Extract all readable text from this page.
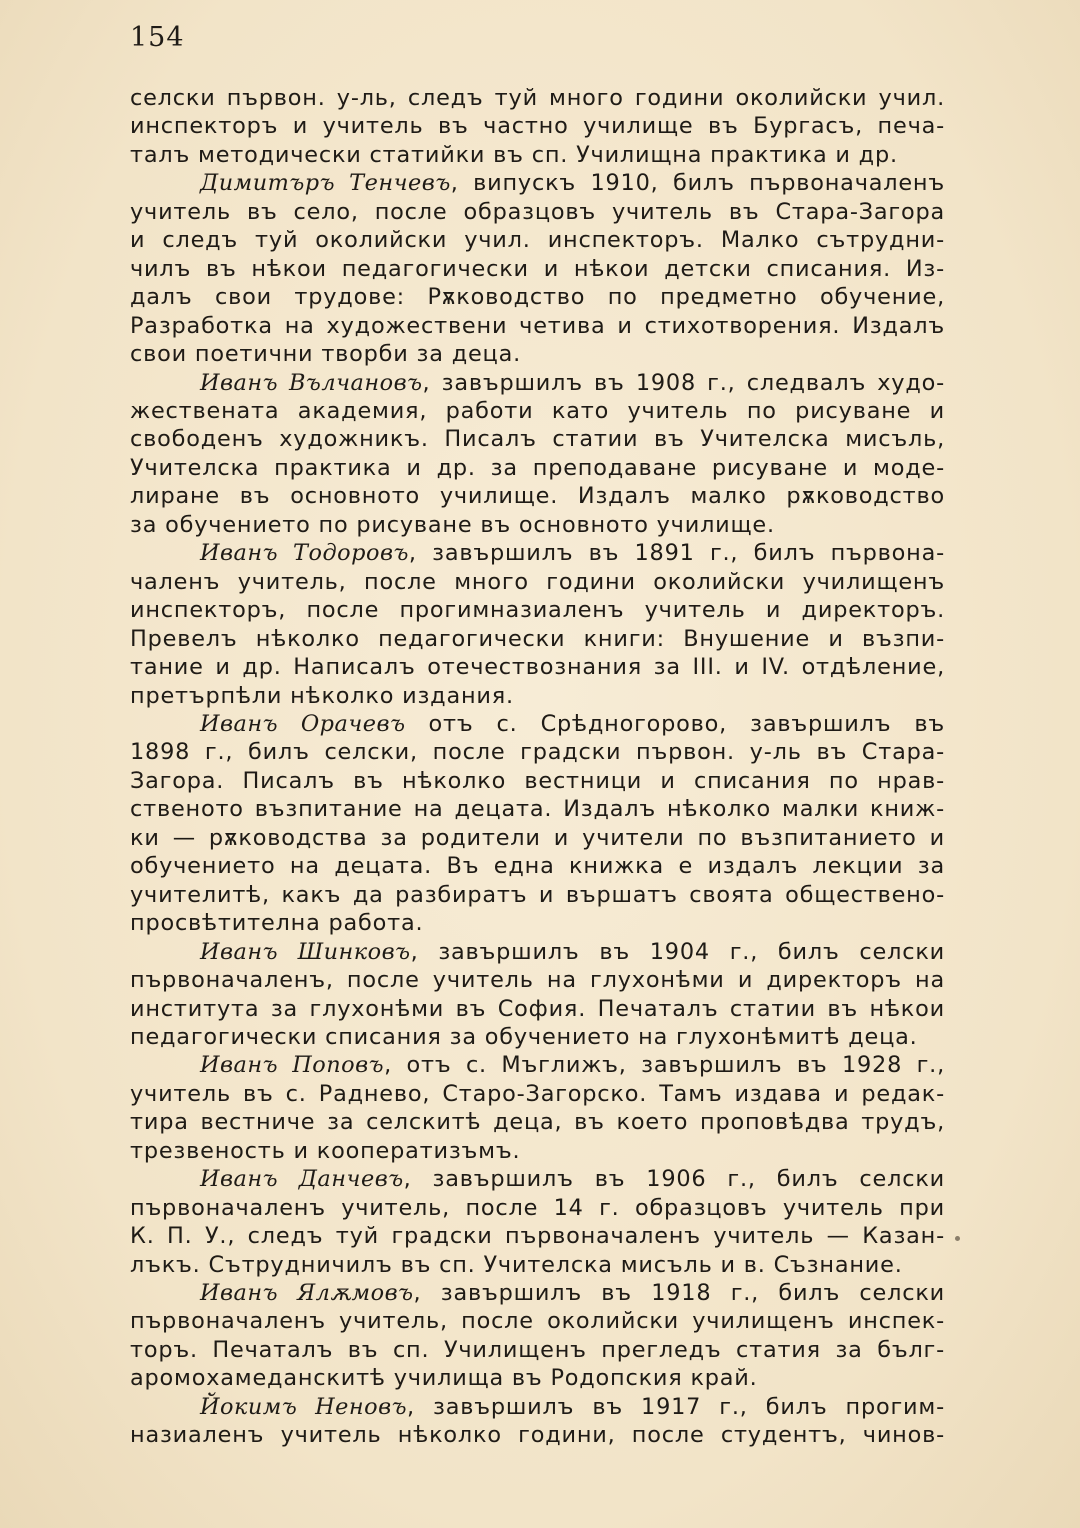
154
селски първон. у-ль, следъ туй много години околийски учил.
инспекторъ и учитель въ частно училище въ Бургасъ, печа-
талъ методически статийки въ сп. Училищна практика и др.
Димитъръ Тенчевъ, випускъ 1910, билъ първоначаленъ
учитель въ село, после образцовъ учитель въ Стара-Загора
и следъ туй околийски учил. инспекторъ. Малко сътрудни-
чилъ въ нѣкои педагогически и нѣкои детски списания. Из-
далъ свои трудове: Рѫководство по предметно обучение,
Разработка на художествени четива и стихотворения. Издалъ
свои поетични творби за деца.
Иванъ Вълчановъ, завършилъ въ 1908 г., следвалъ худо-
жествената академия, работи като учитель по рисуване и
свободенъ художникъ. Писалъ статии въ Учителска мисъль,
Учителска практика и др. за преподаване рисуване и моде-
лиране въ основното училище. Издалъ малко рѫководство
за обучението по рисуване въ основното училище.
Иванъ Тодоровъ, завършилъ въ 1891 г., билъ първона-
чаленъ учитель, после много години околийски училищенъ
инспекторъ, после прогимназиаленъ учитель и директоръ.
Превелъ нѣколко педагогически книги: Внушение и възпи-
тание и др. Написалъ отечествознания за III. и IV. отдѣление,
претърпѣли нѣколко издания.
Иванъ Орачевъ отъ с. Срѣдногорово, завършилъ въ
1898 г., билъ селски, после градски първон. у-ль въ Стара-
Загора. Писалъ въ нѣколко вестници и списания по нрав-
ственото възпитание на децата. Издалъ нѣколко малки книж-
ки — рѫководства за родители и учители по възпитанието и
обучението на децата. Въ една книжка е издалъ лекции за
учителитѣ, какъ да разбиратъ и вършатъ своята обществено-
просвѣтителна работа.
Иванъ Шинковъ, завършилъ въ 1904 г., билъ селски
първоначаленъ, после учитель на глухонѣми и директоръ на
института за глухонѣми въ София. Печаталъ статии въ нѣкои
педагогически списания за обучението на глухонѣмитѣ деца.
Иванъ Поповъ, отъ с. Мъглижъ, завършилъ въ 1928 г.,
учитель въ с. Раднево, Старо-Загорско. Тамъ издава и редак-
тира вестниче за селскитѣ деца, въ което проповѣдва трудъ,
трезвеность и кооператизъмъ.
Иванъ Данчевъ, завършилъ въ 1906 г., билъ селски
първоначаленъ учитель, после 14 г. образцовъ учитель при
К. П. У., следъ туй градски първоначаленъ учитель — Казан-
лъкъ. Сътрудничилъ въ сп. Учителска мисъль и в. Съзнание.
Иванъ Ялѫмовъ, завършилъ въ 1918 г., билъ селски
първоначаленъ учитель, после околийски училищенъ инспек-
торъ. Печаталъ въ сп. Училищенъ прегледъ статия за бълг-
аромохамеданскитѣ училища въ Родопския край.
Йокимъ Неновъ, завършилъ въ 1917 г., билъ прогим-
назиаленъ учитель нѣколко години, после студентъ, чинов-
